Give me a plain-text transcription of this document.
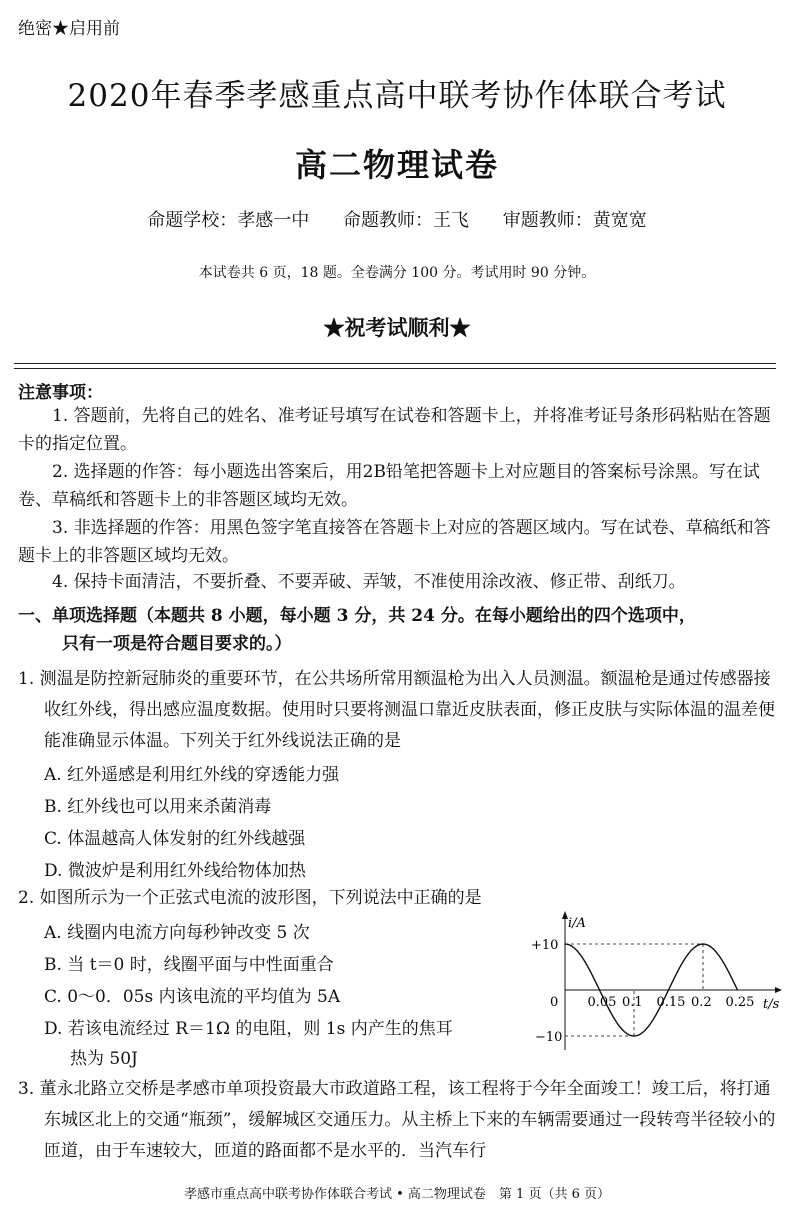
绝密★启用前
2020年春季孝感重点高中联考协作体联合考试
高二物理试卷
命题学校：孝感一中 命题教师：王飞 审题教师：黄宽宽
本试卷共 6 页，18 题。全卷满分 100 分。考试用时 90 分钟。
★祝考试顺利★
注意事项：
1. 答题前，先将自己的姓名、准考证号填写在试卷和答题卡上，并将准考证号条形码粘贴在答题卡的指定位置。
2. 选择题的作答：每小题选出答案后，用2B铅笔把答题卡上对应题目的答案标号涂黑。写在试卷、草稿纸和答题卡上的非答题区域均无效。
3. 非选择题的作答：用黑色签字笔直接答在答题卡上对应的答题区域内。写在试卷、草稿纸和答题卡上的非答题区域均无效。
4. 保持卡面清洁，不要折叠、不要弄破、弄皱，不准使用涂改液、修正带、刮纸刀。
一、单项选择题（本题共 8 小题，每小题 3 分，共 24 分。在每小题给出的四个选项中，
只有一项是符合题目要求的。）
1. 测温是防控新冠肺炎的重要环节，在公共场所常用额温枪为出入人员测温。额温枪是通过传感器接收红外线，得出感应温度数据。使用时只要将测温口靠近皮肤表面，修正皮肤与实际体温的温差便能准确显示体温。下列关于红外线说法正确的是
A. 红外遥感是利用红外线的穿透能力强
B. 红外线也可以用来杀菌消毒
C. 体温越高人体发射的红外线越强
D. 微波炉是利用红外线给物体加热
2. 如图所示为一个正弦式电流的波形图，下列说法中正确的是
A. 线圈内电流方向每秒钟改变 5 次
B. 当 t＝0 时，线圈平面与中性面重合
C. 0～0．05s 内该电流的平均值为 5A
D. 若该电流经过 R＝1Ω 的电阻，则 1s 内产生的焦耳
热为 50J
i/A
t/s
0
+10
−10
0.05 0.1 0.15 0.2 0.25
3. 董永北路立交桥是孝感市单项投资最大市政道路工程，该工程将于今年全面竣工！竣工后，将打通东城区北上的交通“瓶颈”，缓解城区交通压力。从主桥上下来的车辆需要通过一段转弯半径较小的匝道，由于车速较大，匝道的路面都不是水平的．当汽车行
孝感市重点高中联考协作体联合考试 • 高二物理试卷　第 1 页（共 6 页）
